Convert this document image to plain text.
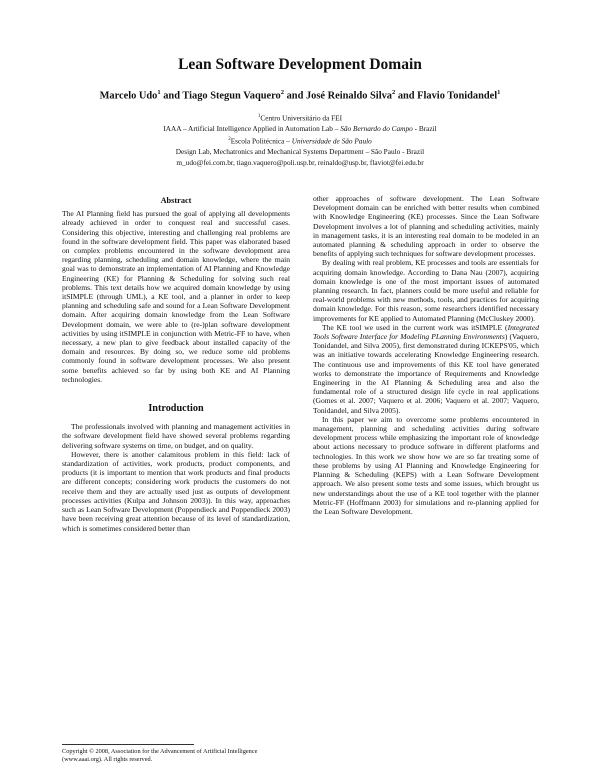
Lean Software Development Domain
Marcelo Udo$^1$ and Tiago Stegun Vaquero$^2$ and José Reinaldo Silva$^2$ and Flavio Tonidandel$^1$
$^1$Centro Universitário da FEI
IAAA – Artificial Intelligence Applied in Automation Lab – São Bernardo do Campo - Brazil
$^2$Escola Politécnica – Universidade de São Paulo
Design Lab, Mechatronics and Mechanical Systems Department – São Paulo - Brazil
m_udo@fei.com.br, tiago.vaquero@poli.usp.br, reinaldo@usp.br, flaviot@fei.edu.br
Abstract

The AI Planning field has pursued the goal of applying all developments already achieved in order to conquest real and successful cases. Considering this objective, interesting and challenging real problems are found in the software development field. This paper was elaborated based on complex problems encountered in the software development area regarding planning, scheduling and domain knowledge, where the main goal was to demonstrate an implementation of AI Planning and Knowledge Engineering (KE) for Planning & Scheduling for solving such real problems. This text details how we acquired domain knowledge by using itSIMPLE (through UML), a KE tool, and a planner in order to keep planning and scheduling safe and sound for a Lean Software Development domain. After acquiring domain knowledge from the Lean Software Development domain, we were able to (re-)plan software development activities by using itSIMPLE in conjunction with Metric-FF to have, when necessary, a new plan to give feedback about installed capacity of the domain and resources. By doing so, we reduce some old problems commonly found in software development processes. We also present some benefits achieved so far by using both KE and AI Planning technologies.

Introduction

The professionals involved with planning and management activities in the software development field have showed several problems regarding delivering software systems on time, on budget, and on quality.

However, there is another calamitous problem in this field: lack of standardization of activities, work products, product components, and products (it is important to mention that work products and final products are different concepts; considering work products the customers do not receive them and they are actually used just as outputs of development processes activities (Kulpa and Johnson 2003)). In this way, approaches such as Lean Software Development (Poppendieck and Poppendieck 2003) have been receiving great attention because of its level of standardization, which is sometimes considered better than

other approaches of software development. The Lean Software Development domain can be enriched with better results when combined with Knowledge Engineering (KE) processes. Since the Lean Software Development involves a lot of planning and scheduling activities, mainly in management tasks, it is an interesting real domain to be modeled in an automated planning & scheduling approach in order to observe the benefits of applying such techniques for software development processes.

By dealing with real problem, KE processes and tools are essentials for acquiring domain knowledge. According to Dana Nau (2007), acquiring domain knowledge is one of the most important issues of automated planning research. In fact, planners could be more useful and reliable for real-world problems with new methods, tools, and practices for acquiring domain knowledge. For this reason, some researchers identified necessary improvements for KE applied to Automated Planning (McCluskey 2000).

The KE tool we used in the current work was itSIMPLE (Integrated Tools Software Interface for Modeling PLanning Environments) (Vaquero, Tonidandel, and Silva 2005), first demonstrated during ICKEPS'05, which was an initiative towards accelerating Knowledge Engineering research. The continuous use and improvements of this KE tool have generated works to demonstrate the importance of Requirements and Knowledge Engineering in the AI Planning & Scheduling area and also the fundamental role of a structured design life cycle in real applications (Gomes et al. 2007; Vaquero et al. 2006; Vaquero et al. 2007; Vaquero, Tonidandel, and Silva 2005).

In this paper we aim to overcome some problems encountered in management, planning and scheduling activities during software development process while emphasizing the important role of knowledge about actions necessary to produce software in different platforms and technologies. In this work we show how we are so far treating some of these problems by using AI Planning and Knowledge Engineering for Planning & Scheduling (KEPS) with a Lean Software Development approach. We also present some tests and some issues, which brought us new understandings about the use of a KE tool together with the planner Metric-FF (Hoffmann 2003) for simulations and re-planning applied for the Lean Software Development.

Copyright © 2008, Association for the Advancement of Artificial Intelligence (www.aaai.org). All rights reserved.
